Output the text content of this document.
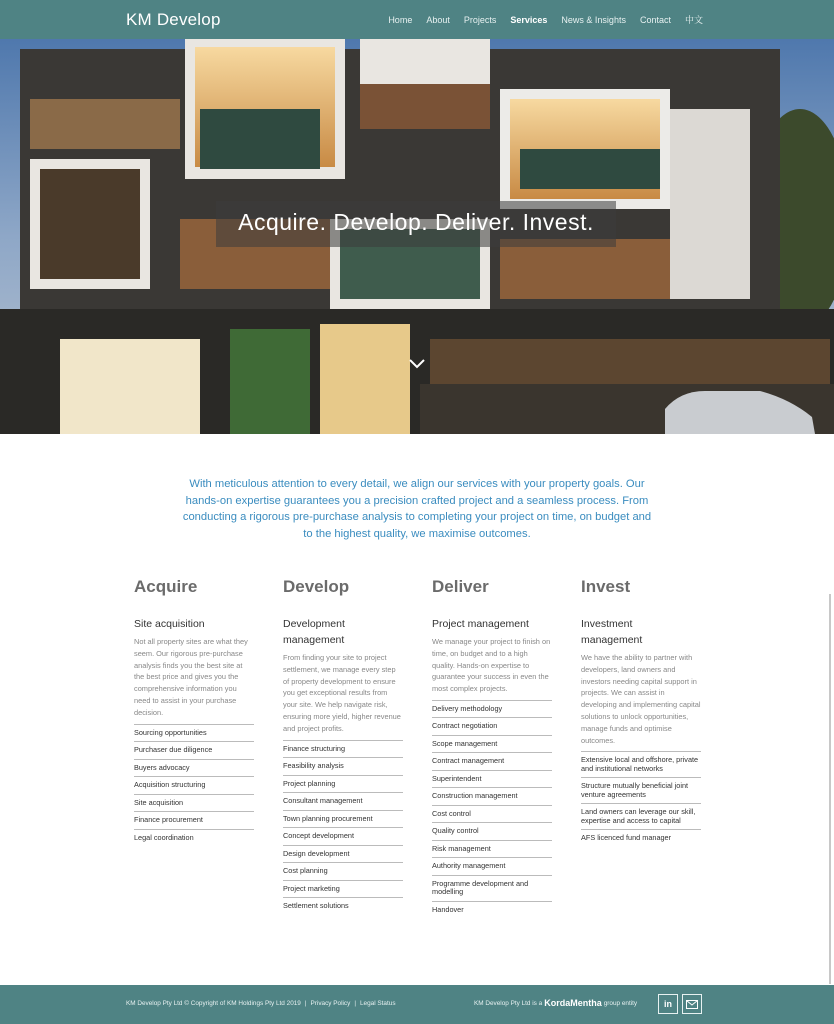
KM Develop	Home About Projects Services News & Insights Contact 中文
Acquire. Develop. Deliver. Invest.
With meticulous attention to every detail, we align our services with your property goals. Our hands-on expertise guarantees you a precision crafted project and a seamless process. From conducting a rigorous pre-purchase analysis to completing your project on time, on budget and to the highest quality, we maximise outcomes.
Acquire
Site acquisition

Not all property sites are what they seem. Our rigorous pre-purchase analysis finds you the best site at the best price and gives you the comprehensive information you need to assist in your purchase decision.

Sourcing opportunities
Purchaser due diligence
Buyers advocacy
Acquisition structuring
Site acquisition
Finance procurement
Legal coordination
Develop
Development management

From finding your site to project settlement, we manage every step of property development to ensure you get exceptional results from your site. We help navigate risk, ensuring more yield, higher revenue and project profits.

Finance structuring
Feasibility analysis
Project planning
Consultant management
Town planning procurement
Concept development
Design development
Cost planning
Project marketing
Settlement solutions
Deliver
Project management

We manage your project to finish on time, on budget and to a high quality. Hands-on expertise to guarantee your success in even the most complex projects.

Delivery methodology
Contract negotiation
Scope management
Contract management
Superintendent
Construction management
Cost control
Quality control
Risk management
Authority management
Programme development and modelling
Handover
Invest
Investment management

We have the ability to partner with developers, land owners and investors needing capital support in projects. We can assist in developing and implementing capital solutions to unlock opportunities, manage funds and optimise outcomes.

Extensive local and offshore, private and institutional networks
Structure mutually beneficial joint venture agreements
Land owners can leverage our skill, expertise and access to capital
AFS licenced fund manager
KM Develop Pty Ltd © Copyright of KM Holdings Pty Ltd 2019 | Privacy Policy | Legal Status	KM Develop Pty Ltd is a KordaMentha group entity	in
